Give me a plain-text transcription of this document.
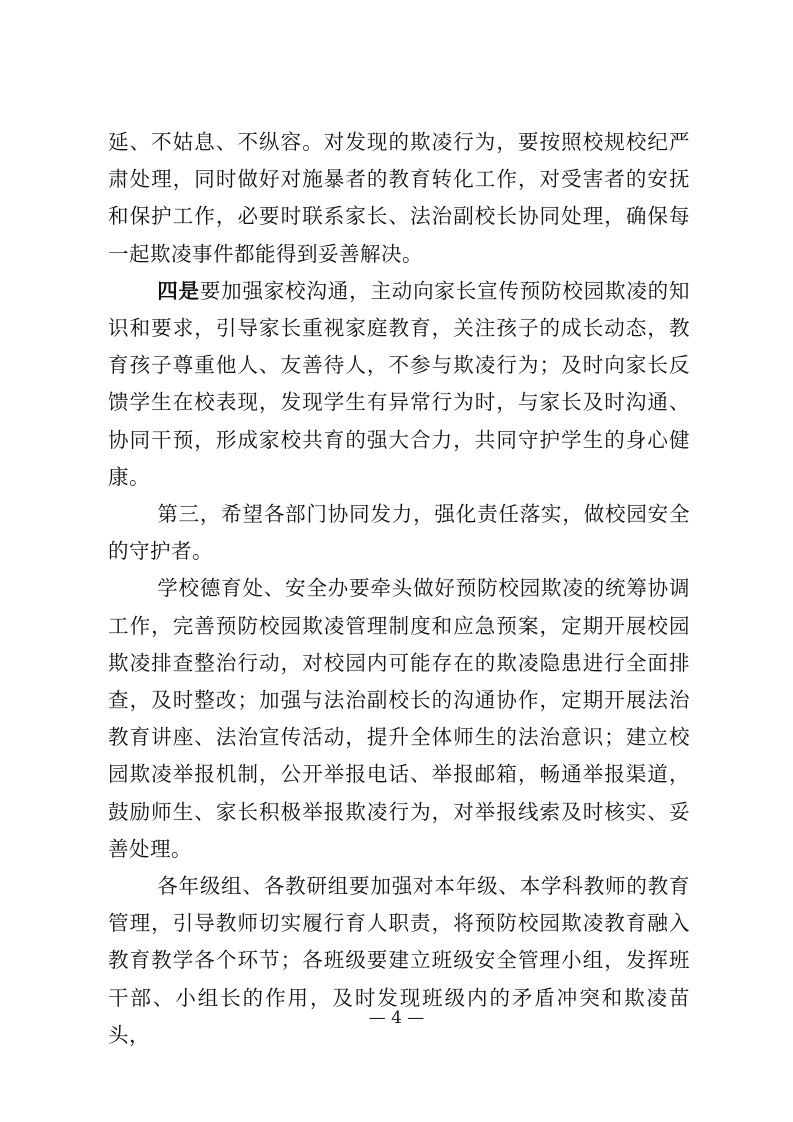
延、不姑息、不纵容。对发现的欺凌行为，要按照校规校纪严肃处理，同时做好对施暴者的教育转化工作，对受害者的安抚和保护工作，必要时联系家长、法治副校长协同处理，确保每一起欺凌事件都能得到妥善解决。

四是要加强家校沟通，主动向家长宣传预防校园欺凌的知识和要求，引导家长重视家庭教育，关注孩子的成长动态，教育孩子尊重他人、友善待人，不参与欺凌行为；及时向家长反馈学生在校表现，发现学生有异常行为时，与家长及时沟通、协同干预，形成家校共育的强大合力，共同守护学生的身心健康。

第三，希望各部门协同发力，强化责任落实，做校园安全的守护者。

学校德育处、安全办要牵头做好预防校园欺凌的统筹协调工作，完善预防校园欺凌管理制度和应急预案，定期开展校园欺凌排查整治行动，对校园内可能存在的欺凌隐患进行全面排查，及时整改；加强与法治副校长的沟通协作，定期开展法治教育讲座、法治宣传活动，提升全体师生的法治意识；建立校园欺凌举报机制，公开举报电话、举报邮箱，畅通举报渠道，鼓励师生、家长积极举报欺凌行为，对举报线索及时核实、妥善处理。

各年级组、各教研组要加强对本年级、本学科教师的教育管理，引导教师切实履行育人职责，将预防校园欺凌教育融入教育教学各个环节；各班级要建立班级安全管理小组，发挥班干部、小组长的作用，及时发现班级内的矛盾冲突和欺凌苗头，

— 4 —
